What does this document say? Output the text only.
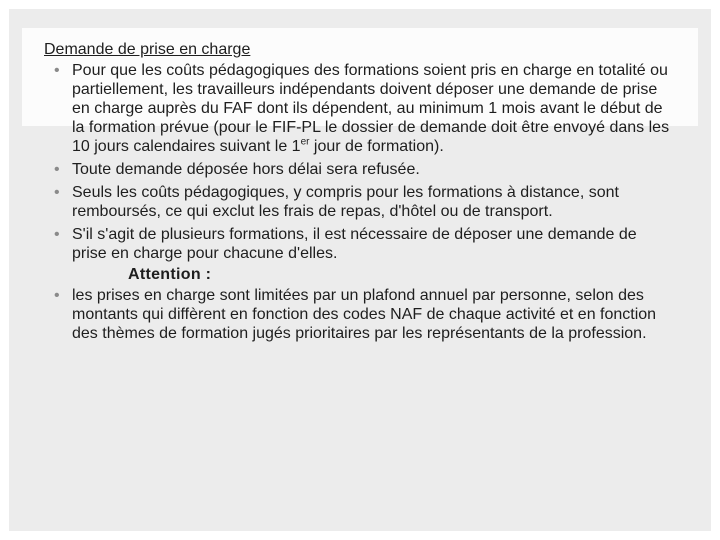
Demande de prise en charge
• Pour que les coûts pédagogiques des formations soient pris en charge en totalité ou partiellement, les travailleurs indépendants doivent déposer une demande de prise en charge auprès du FAF dont ils dépendent, au minimum 1 mois avant le début de la formation prévue (pour le FIF-PL le dossier de demande doit être envoyé dans les 10 jours calendaires suivant le 1er jour de formation).
• Toute demande déposée hors délai sera refusée.
• Seuls les coûts pédagogiques, y compris pour les formations à distance, sont remboursés, ce qui exclut les frais de repas, d'hôtel ou de transport.
• S'il s'agit de plusieurs formations, il est nécessaire de déposer une demande de prise en charge pour chacune d'elles.
Attention :
• les prises en charge sont limitées par un plafond annuel par personne, selon des montants qui diffèrent en fonction des codes NAF de chaque activité et en fonction des thèmes de formation jugés prioritaires par les représentants de la profession.
